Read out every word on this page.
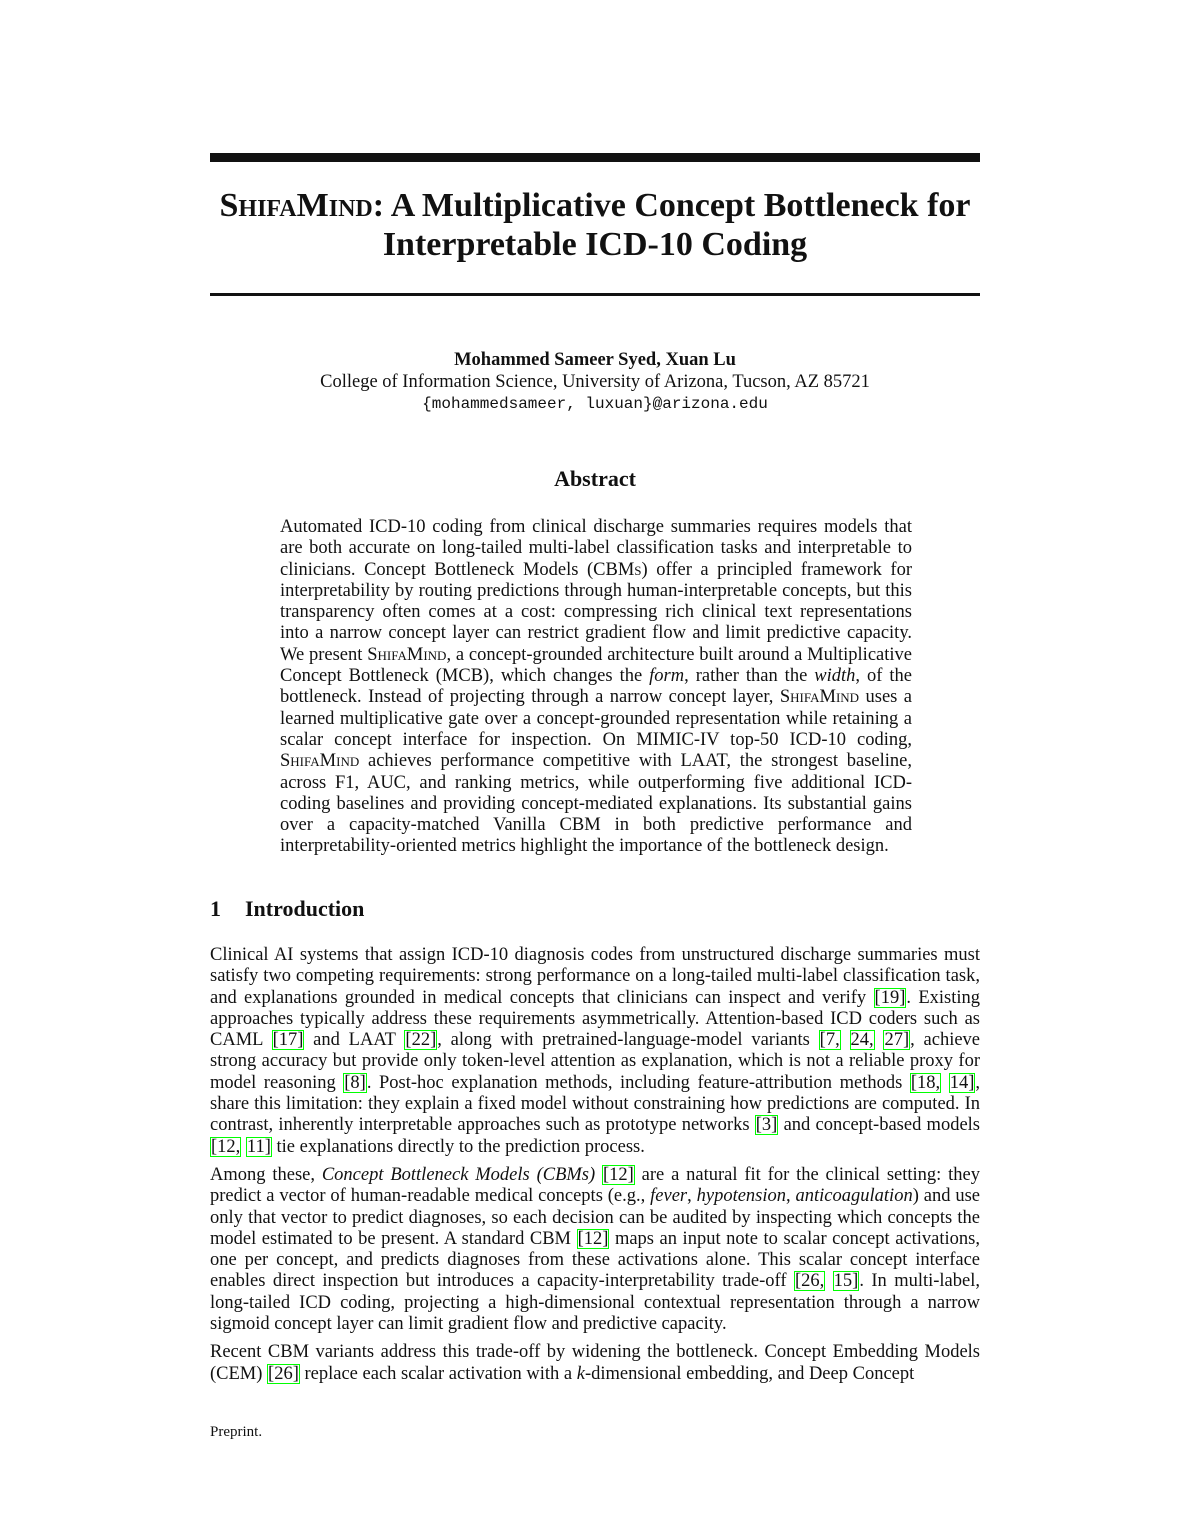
ShifaMind: A Multiplicative Concept Bottleneck for
Interpretable ICD-10 Coding
Mohammed Sameer Syed, Xuan Lu
College of Information Science, University of Arizona, Tucson, AZ 85721
{mohammedsameer, luxuan}@arizona.edu
Abstract

Automated ICD-10 coding from clinical discharge summaries requires models that are both accurate on long-tailed multi-label classification tasks and interpretable to clinicians. Concept Bottleneck Models (CBMs) offer a principled framework for interpretability by routing predictions through human-interpretable concepts, but this transparency often comes at a cost: compressing rich clinical text representations into a narrow concept layer can restrict gradient flow and limit predictive capacity. We present ShifaMind, a concept-grounded architecture built around a Multiplicative Concept Bottleneck (MCB), which changes the form, rather than the width, of the bottleneck. Instead of projecting through a narrow concept layer, ShifaMind uses a learned multiplicative gate over a concept-grounded representation while retaining a scalar concept interface for inspection. On MIMIC-IV top-50 ICD-10 coding, ShifaMind achieves performance competitive with LAAT, the strongest baseline, across F1, AUC, and ranking metrics, while outperforming five additional ICD-coding baselines and providing concept-mediated explanations. Its substantial gains over a capacity-matched Vanilla CBM in both predictive performance and interpretability-oriented metrics highlight the importance of the bottleneck design.

1 Introduction

Clinical AI systems that assign ICD-10 diagnosis codes from unstructured discharge summaries must satisfy two competing requirements: strong performance on a long-tailed multi-label classification task, and explanations grounded in medical concepts that clinicians can inspect and verify [19]. Existing approaches typically address these requirements asymmetrically. Attention-based ICD coders such as CAML [17] and LAAT [22], along with pretrained-language-model variants [7, 24, 27], achieve strong accuracy but provide only token-level attention as explanation, which is not a reliable proxy for model reasoning [8]. Post-hoc explanation methods, including feature-attribution methods [18, 14], share this limitation: they explain a fixed model without constraining how predictions are computed. In contrast, inherently interpretable approaches such as prototype networks [3] and concept-based models [12, 11] tie explanations directly to the prediction process.

Among these, Concept Bottleneck Models (CBMs) [12] are a natural fit for the clinical setting: they predict a vector of human-readable medical concepts (e.g., fever, hypotension, anticoagulation) and use only that vector to predict diagnoses, so each decision can be audited by inspecting which concepts the model estimated to be present. A standard CBM [12] maps an input note to scalar concept activations, one per concept, and predicts diagnoses from these activations alone. This scalar concept interface enables direct inspection but introduces a capacity-interpretability trade-off [26, 15]. In multi-label, long-tailed ICD coding, projecting a high-dimensional contextual representation through a narrow sigmoid concept layer can limit gradient flow and predictive capacity.

Recent CBM variants address this trade-off by widening the bottleneck. Concept Embedding Models (CEM) [26] replace each scalar activation with a k-dimensional embedding, and Deep Concept

Preprint.
